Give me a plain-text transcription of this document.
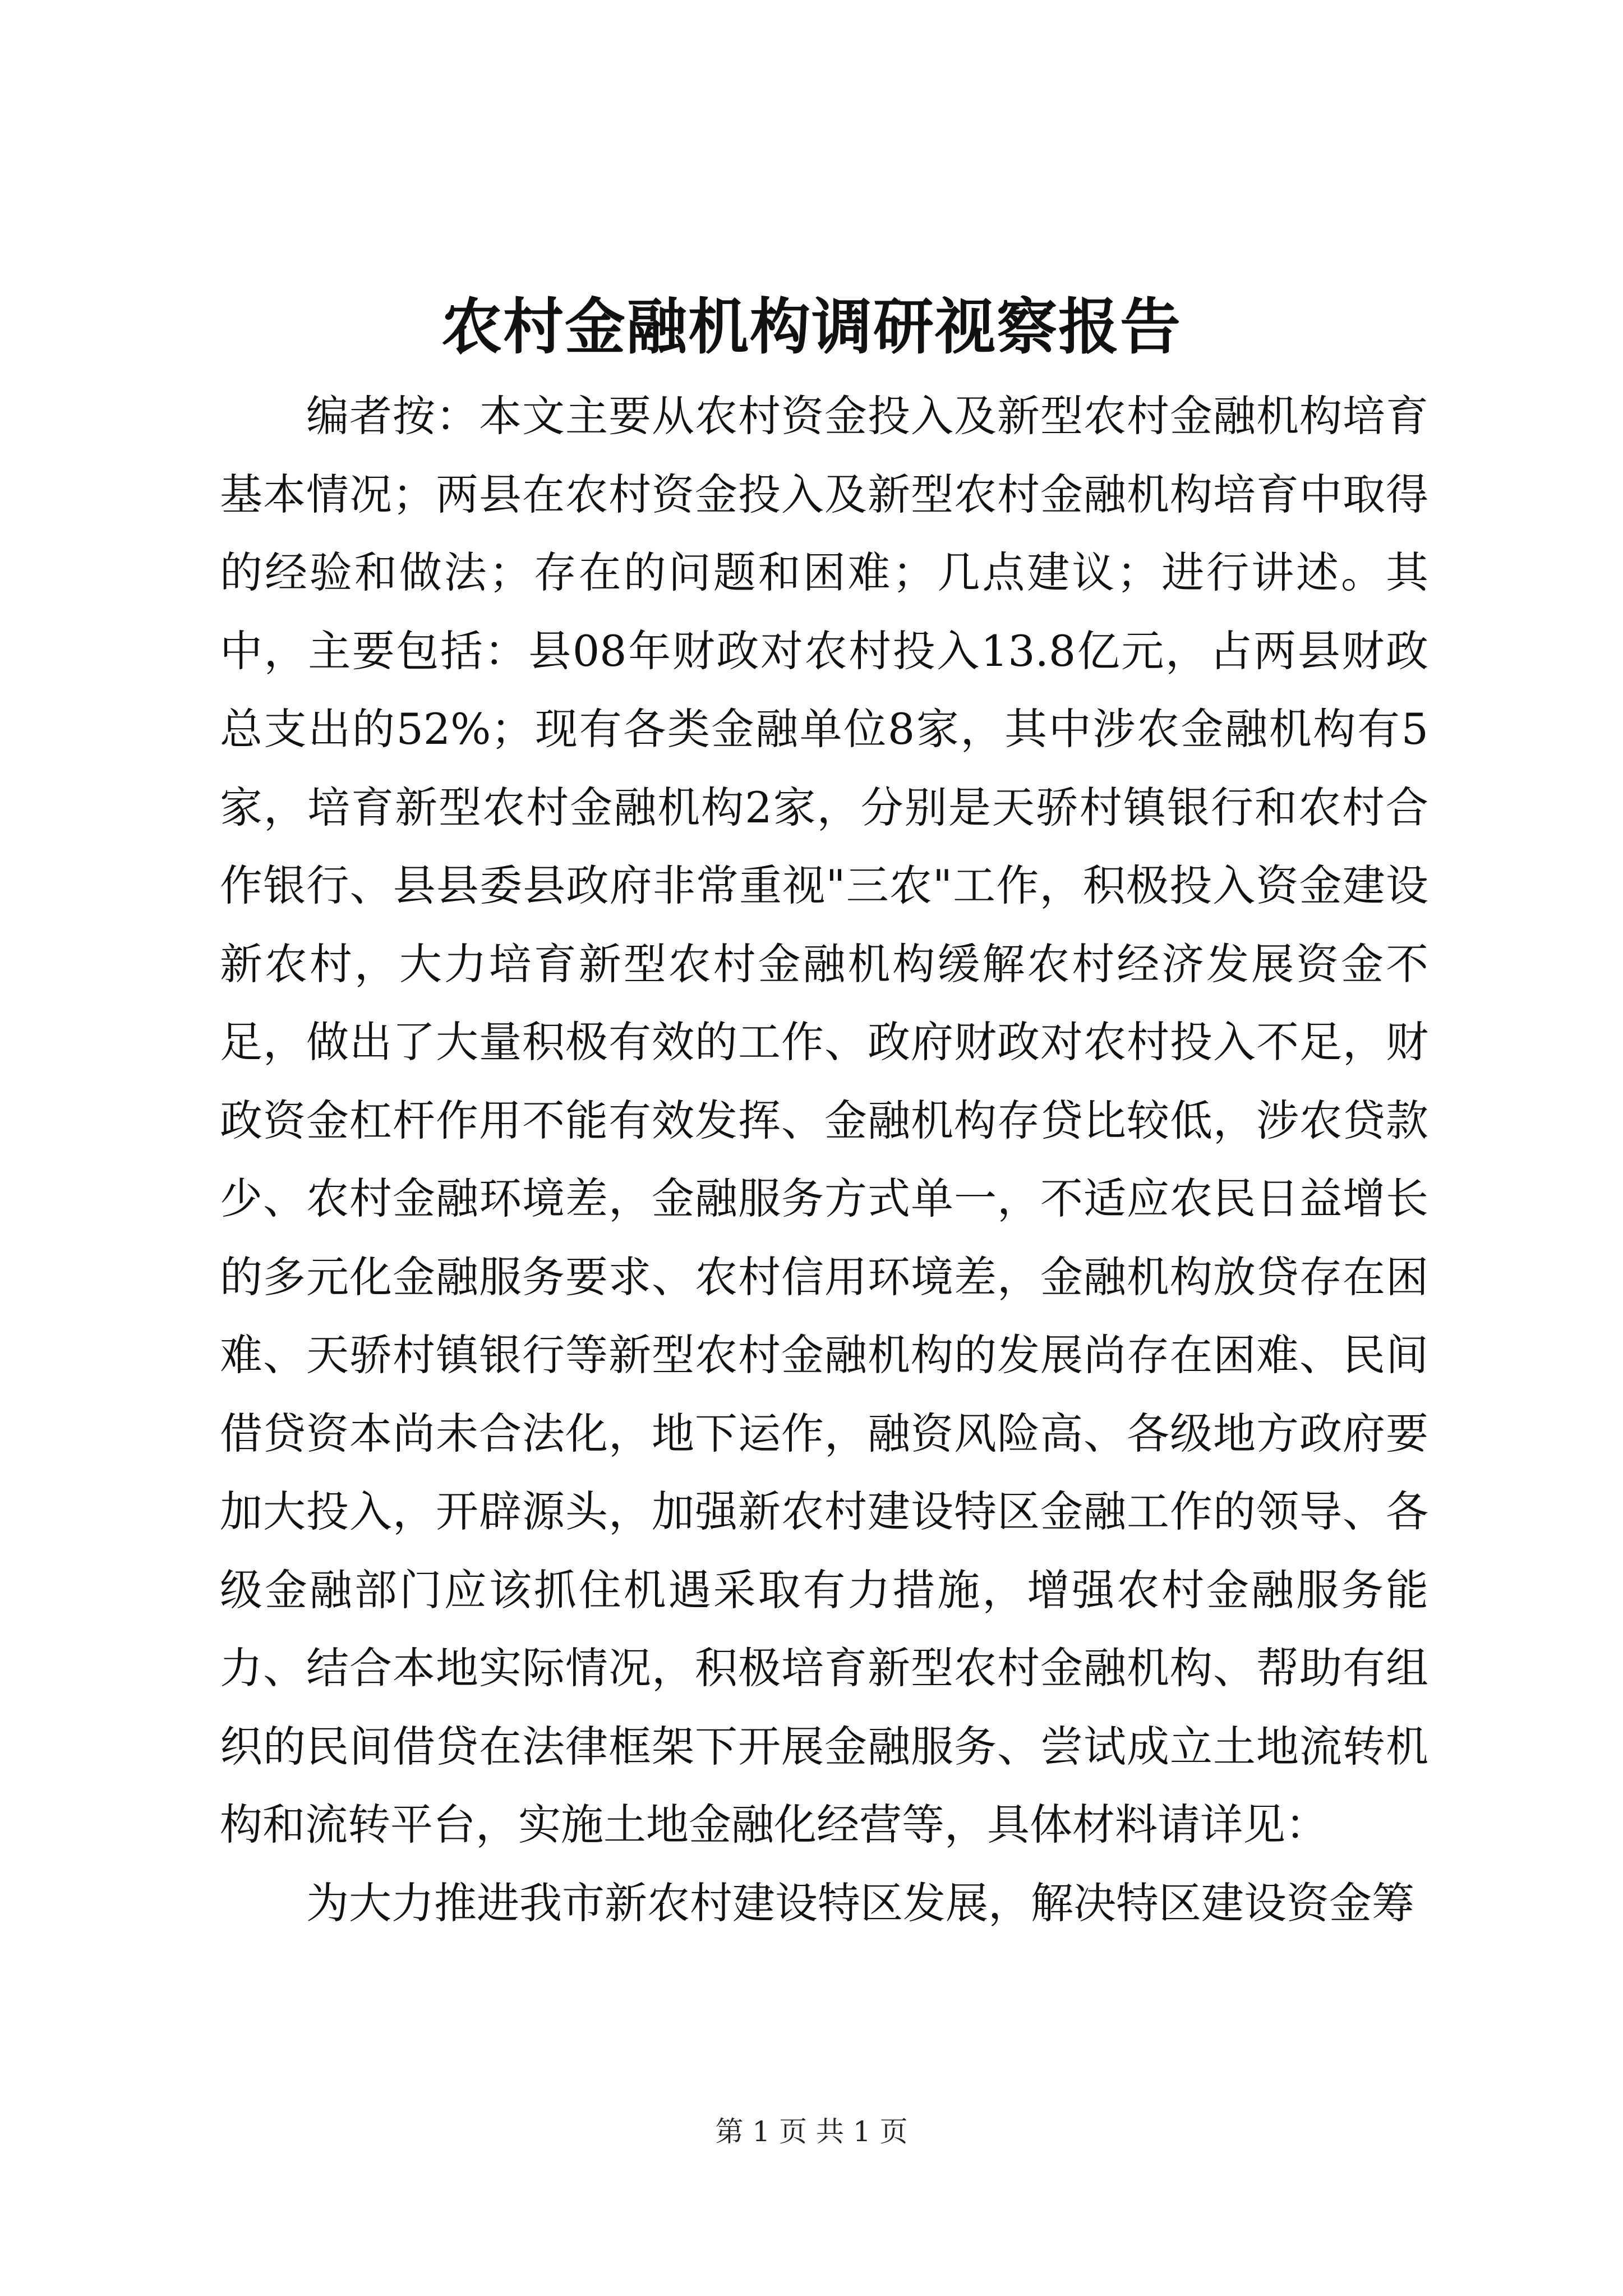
农村金融机构调研视察报告

编者按：本文主要从农村资金投入及新型农村金融机构培育基本情况；两县在农村资金投入及新型农村金融机构培育中取得的经验和做法；存在的问题和困难；几点建议；进行讲述。其中，主要包括：县08年财政对农村投入13.8亿元，占两县财政总支出的52%；现有各类金融单位8家，其中涉农金融机构有5家，培育新型农村金融机构2家，分别是天骄村镇银行和农村合作银行、县县委县政府非常重视"三农"工作，积极投入资金建设新农村，大力培育新型农村金融机构缓解农村经济发展资金不足，做出了大量积极有效的工作、政府财政对农村投入不足，财政资金杠杆作用不能有效发挥、金融机构存贷比较低，涉农贷款少、农村金融环境差，金融服务方式单一，不适应农民日益增长的多元化金融服务要求、农村信用环境差，金融机构放贷存在困难、天骄村镇银行等新型农村金融机构的发展尚存在困难、民间借贷资本尚未合法化，地下运作，融资风险高、各级地方政府要加大投入，开辟源头，加强新农村建设特区金融工作的领导、各级金融部门应该抓住机遇采取有力措施，增强农村金融服务能力、结合本地实际情况，积极培育新型农村金融机构、帮助有组织的民间借贷在法律框架下开展金融服务、尝试成立土地流转机构和流转平台，实施土地金融化经营等，具体材料请详见：

为大力推进我市新农村建设特区发展，解决特区建设资金筹

第 1 页 共 1 页
